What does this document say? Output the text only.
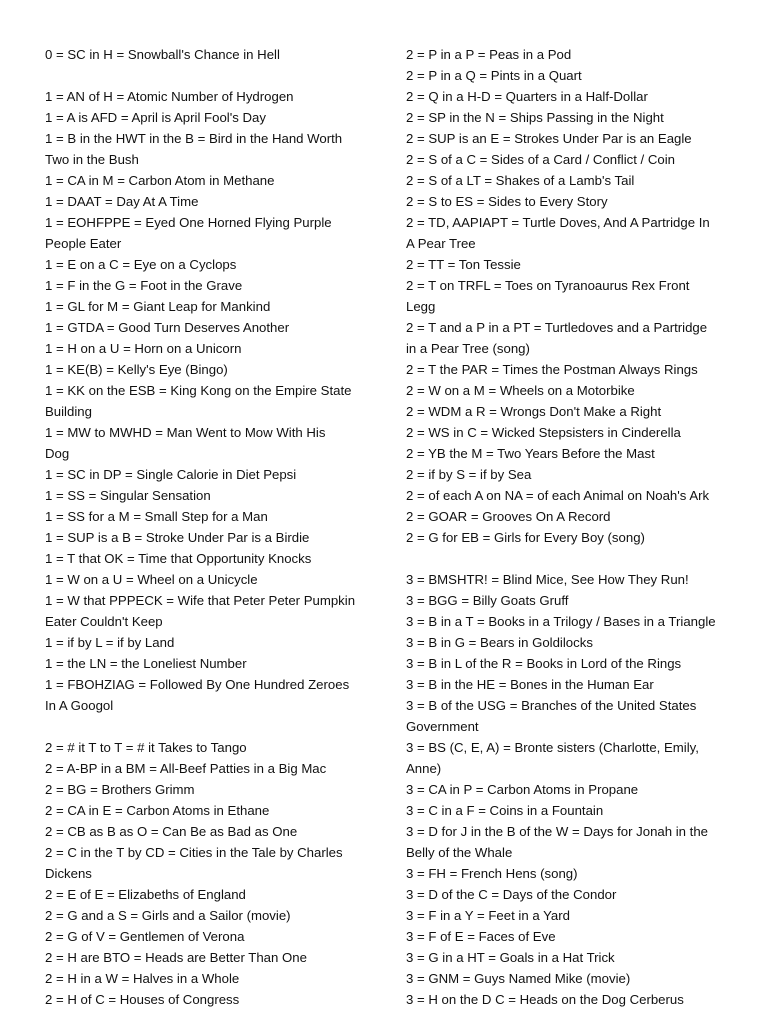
0 = SC in H = Snowball's Chance in Hell
1 = AN of H = Atomic Number of Hydrogen
1 = A is AFD = April is April Fool's Day
1 = B in the HWT in the B = Bird in the Hand Worth
Two in the Bush
1 = CA in M = Carbon Atom in Methane
1 = DAAT = Day At A Time
1 = EOHFPPE = Eyed One Horned Flying Purple
People Eater
1 = E on a C = Eye on a Cyclops
1 = F in the G = Foot in the Grave
1 = GL for M = Giant Leap for Mankind
1 = GTDA = Good Turn Deserves Another
1 = H on a U = Horn on a Unicorn
1 = KE(B) = Kelly's Eye (Bingo)
1 = KK on the ESB = King Kong on the Empire State
Building
1 = MW to MWHD = Man Went to Mow With His
Dog
1 = SC in DP = Single Calorie in Diet Pepsi
1 = SS = Singular Sensation
1 = SS for a M = Small Step for a Man
1 = SUP is a B = Stroke Under Par is a Birdie
1 = T that OK = Time that Opportunity Knocks
1 = W on a U = Wheel on a Unicycle
1 = W that PPPECK = Wife that Peter Peter Pumpkin
Eater Couldn't Keep
1 = if by L = if by Land
1 = the LN = the Loneliest Number
1 = FBOHZIAG = Followed By One Hundred Zeroes
In A Googol
2 = # it T to T = # it Takes to Tango
2 = A-BP in a BM = All-Beef Patties in a Big Mac
2 = BG = Brothers Grimm
2 = CA in E = Carbon Atoms in Ethane
2 = CB as B as O = Can Be as Bad as One
2 = C in the T by CD = Cities in the Tale by Charles
Dickens
2 = E of E = Elizabeths of England
2 = G and a S = Girls and a Sailor (movie)
2 = G of V = Gentlemen of Verona
2 = H are BTO = Heads are Better Than One
2 = H in a W = Halves in a Whole
2 = H of C = Houses of Congress
2 = P in a P = Peas in a Pod
2 = P in a Q = Pints in a Quart
2 = Q in a H-D = Quarters in a Half-Dollar
2 = SP in the N = Ships Passing in the Night
2 = SUP is an E = Strokes Under Par is an Eagle
2 = S of a C = Sides of a Card / Conflict / Coin
2 = S of a LT = Shakes of a Lamb's Tail
2 = S to ES = Sides to Every Story
2 = TD, AAPIAPT = Turtle Doves, And A Partridge In
A Pear Tree
2 = TT = Ton Tessie
2 = T on TRFL = Toes on Tyranoaurus Rex Front
Legg
2 = T and a P in a PT = Turtledoves and a Partridge
in a Pear Tree (song)
2 = T the PAR = Times the Postman Always Rings
2 = W on a M = Wheels on a Motorbike
2 = WDM a R = Wrongs Don't Make a Right
2 = WS in C = Wicked Stepsisters in Cinderella
2 = YB the M = Two Years Before the Mast
2 = if by S = if by Sea
2 = of each A on NA = of each Animal on Noah's Ark
2 = GOAR = Grooves On A Record
2 = G for EB = Girls for Every Boy (song)
3 = BMSHTR! = Blind Mice, See How They Run!
3 = BGG = Billy Goats Gruff
3 = B in a T = Books in a Trilogy / Bases in a Triangle
3 = B in G = Bears in Goldilocks
3 = B in L of the R = Books in Lord of the Rings
3 = B in the HE = Bones in the Human Ear
3 = B of the USG = Branches of the United States
Government
3 = BS (C, E, A) = Bronte sisters (Charlotte, Emily,
Anne)
3 = CA in P = Carbon Atoms in Propane
3 = C in a F = Coins in a Fountain
3 = D for J in the B of the W = Days for Jonah in the
Belly of the Whale
3 = FH = French Hens (song)
3 = D of the C = Days of the Condor
3 = F in a Y = Feet in a Yard
3 = F of E = Faces of Eve
3 = G in a HT = Goals in a Hat Trick
3 = GNM = Guys Named Mike (movie)
3 = H on the D C = Heads on the Dog Cerberus
